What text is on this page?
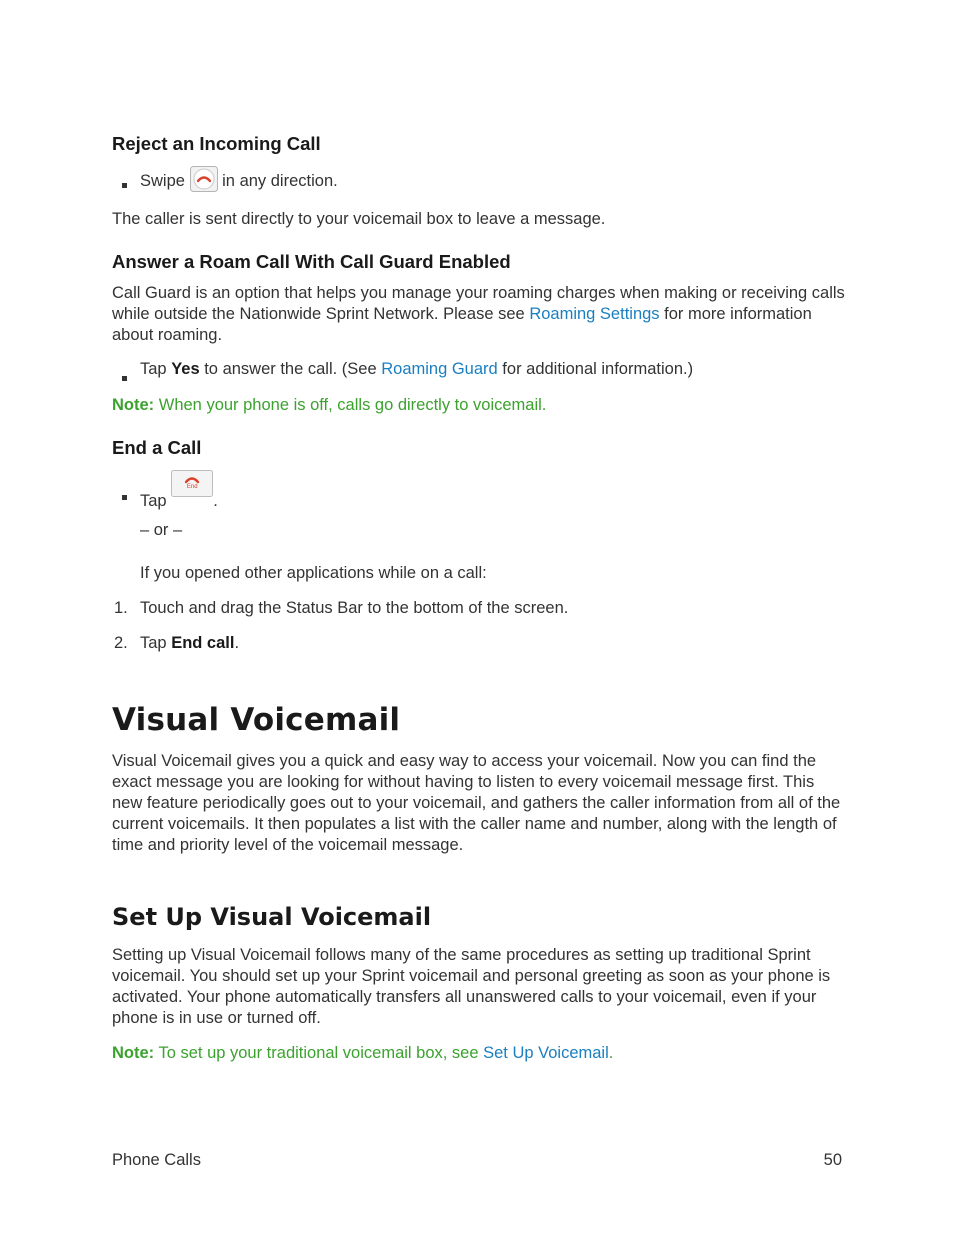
Reject an Incoming Call
Swipe in any direction.
The caller is sent directly to your voicemail box to leave a message.
Answer a Roam Call With Call Guard Enabled
Call Guard is an option that helps you manage your roaming charges when making or receiving calls while outside the Nationwide Sprint Network. Please see Roaming Settings for more information about roaming.
Tap Yes to answer the call. (See Roaming Guard for additional information.)
Note: When your phone is off, calls go directly to voicemail.
End a Call
Tap
End
.
– or –
If you opened other applications while on a call:
1. Touch and drag the Status Bar to the bottom of the screen.
2. Tap End call.
Visual Voicemail
Visual Voicemail gives you a quick and easy way to access your voicemail. Now you can find the exact message you are looking for without having to listen to every voicemail message first. This new feature periodically goes out to your voicemail, and gathers the caller information from all of the current voicemails. It then populates a list with the caller name and number, along with the length of time and priority level of the voicemail message.
Set Up Visual Voicemail
Setting up Visual Voicemail follows many of the same procedures as setting up traditional Sprint voicemail. You should set up your Sprint voicemail and personal greeting as soon as your phone is activated. Your phone automatically transfers all unanswered calls to your voicemail, even if your phone is in use or turned off.
Note: To set up your traditional voicemail box, see Set Up Voicemail.
Phone Calls	50
